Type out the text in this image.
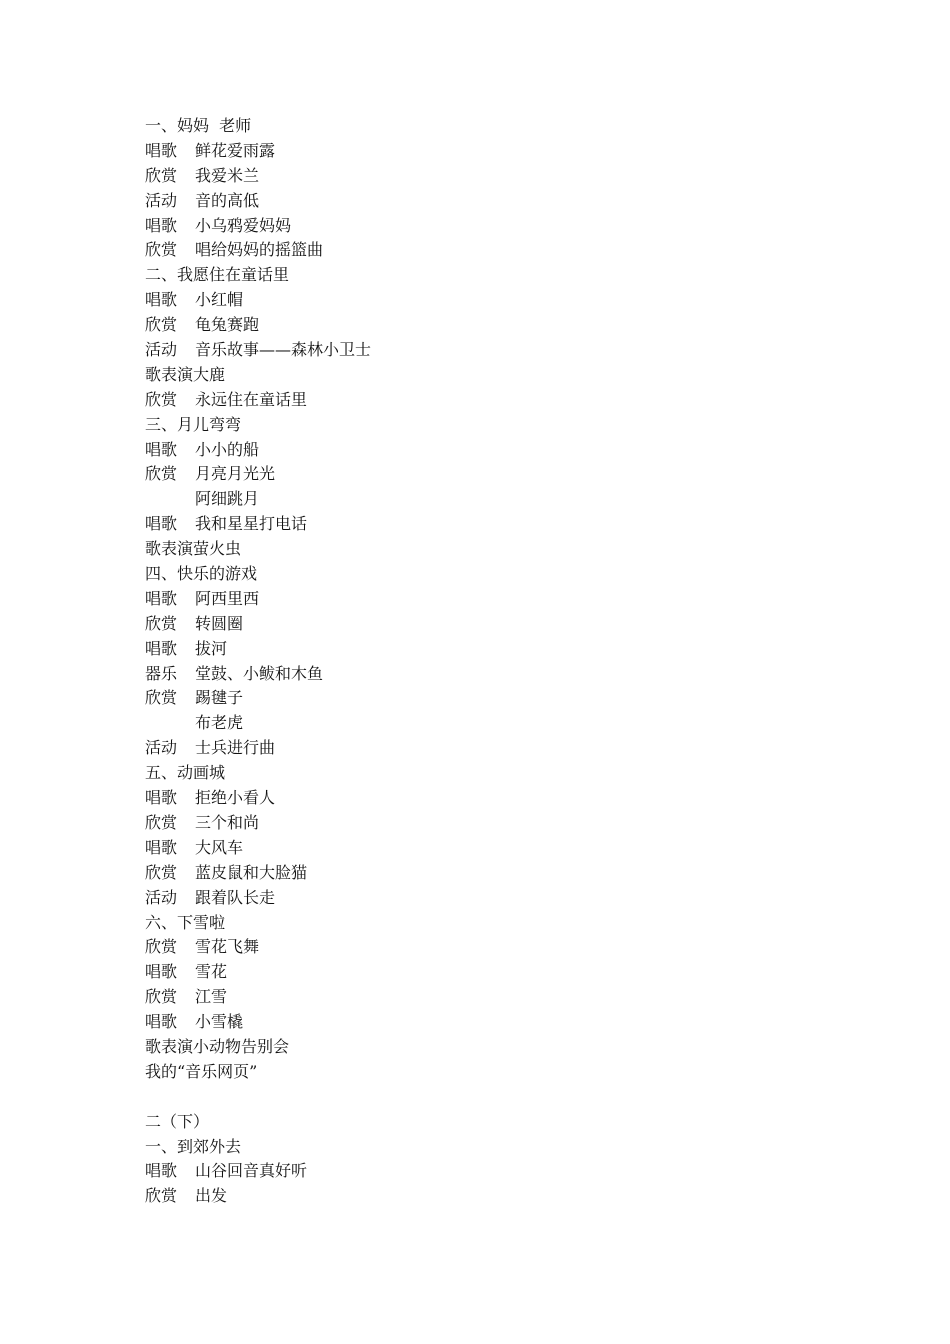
一、妈妈  老师
唱歌 鲜花爱雨露
欣赏 我爱米兰
活动 音的高低
唱歌 小乌鸦爱妈妈
欣赏 唱给妈妈的摇篮曲
二、我愿住在童话里
唱歌 小红帽
欣赏 龟兔赛跑
活动 音乐故事——森林小卫士
歌表演大鹿
欣赏 永远住在童话里
三、月儿弯弯
唱歌 小小的船
欣赏 月亮月光光
阿细跳月
唱歌 我和星星打电话
歌表演萤火虫
四、快乐的游戏
唱歌 阿西里西
欣赏 转圆圈
唱歌 拔河
器乐 堂鼓、小鲅和木鱼
欣赏 踢毽子
布老虎
活动 士兵进行曲
五、动画城
唱歌 拒绝小看人
欣赏 三个和尚
唱歌 大风车
欣赏 蓝皮鼠和大脸猫
活动 跟着队长走
六、下雪啦
欣赏 雪花飞舞
唱歌 雪花
欣赏 江雪
唱歌 小雪橇
歌表演小动物告别会
我的“音乐网页”
二（下）
一、到郊外去
唱歌 山谷回音真好听
欣赏 出发
